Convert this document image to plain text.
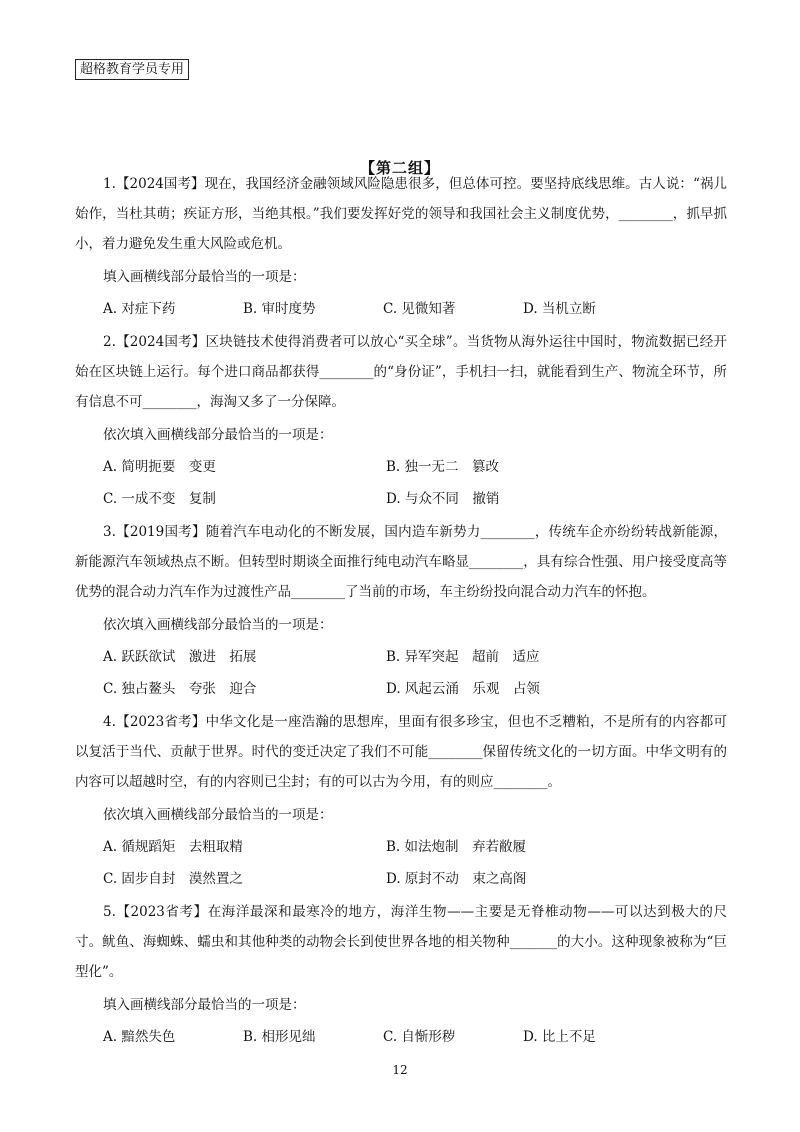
超格教育学员专用
【第二组】

1.【2024国考】现在，我国经济金融领域风险隐患很多，但总体可控。要坚持底线思维。古人说：“祸儿始作，当杜其萌；疾证方形，当绝其根。”我们要发挥好党的领导和我国社会主义制度优势，________，抓早抓小，着力避免发生重大风险或危机。

填入画横线部分最恰当的一项是：

A. 对症下药	B. 审时度势	C. 见微知著	D. 当机立断

2.【2024国考】区块链技术使得消费者可以放心“买全球”。当货物从海外运往中国时，物流数据已经开始在区块链上运行。每个进口商品都获得________的“身份证”，手机扫一扫，就能看到生产、物流全环节，所有信息不可________，海淘又多了一分保障。

依次填入画横线部分最恰当的一项是：

A. 简明扼要　变更	B. 独一无二　篡改
C. 一成不变　复制	D. 与众不同　撤销

3.【2019国考】随着汽车电动化的不断发展，国内造车新势力________，传统车企亦纷纷转战新能源，新能源汽车领域热点不断。但转型时期谈全面推行纯电动汽车略显________，具有综合性强、用户接受度高等优势的混合动力汽车作为过渡性产品________了当前的市场，车主纷纷投向混合动力汽车的怀抱。

依次填入画横线部分最恰当的一项是：

A. 跃跃欲试　激进　拓展	B. 异军突起　超前　适应
C. 独占鳌头　夸张　迎合	D. 风起云涌　乐观　占领

4.【2023省考】中华文化是一座浩瀚的思想库，里面有很多珍宝，但也不乏糟粕，不是所有的内容都可以复活于当代、贡献于世界。时代的变迁决定了我们不可能________保留传统文化的一切方面。中华文明有的内容可以超越时空，有的内容则已尘封；有的可以古为今用，有的则应________。

依次填入画横线部分最恰当的一项是：

A. 循规蹈矩　去粗取精	B. 如法炮制　弃若敝履
C. 固步自封　漠然置之	D. 原封不动　束之高阁

5.【2023省考】在海洋最深和最寒冷的地方，海洋生物——主要是无脊椎动物——可以达到极大的尺寸。鱿鱼、海蜘蛛、蠕虫和其他种类的动物会长到使世界各地的相关物种_______的大小。这种现象被称为“巨型化”。

填入画横线部分最恰当的一项是：

A. 黯然失色	B. 相形见绌	C. 自惭形秽	D. 比上不足
12
